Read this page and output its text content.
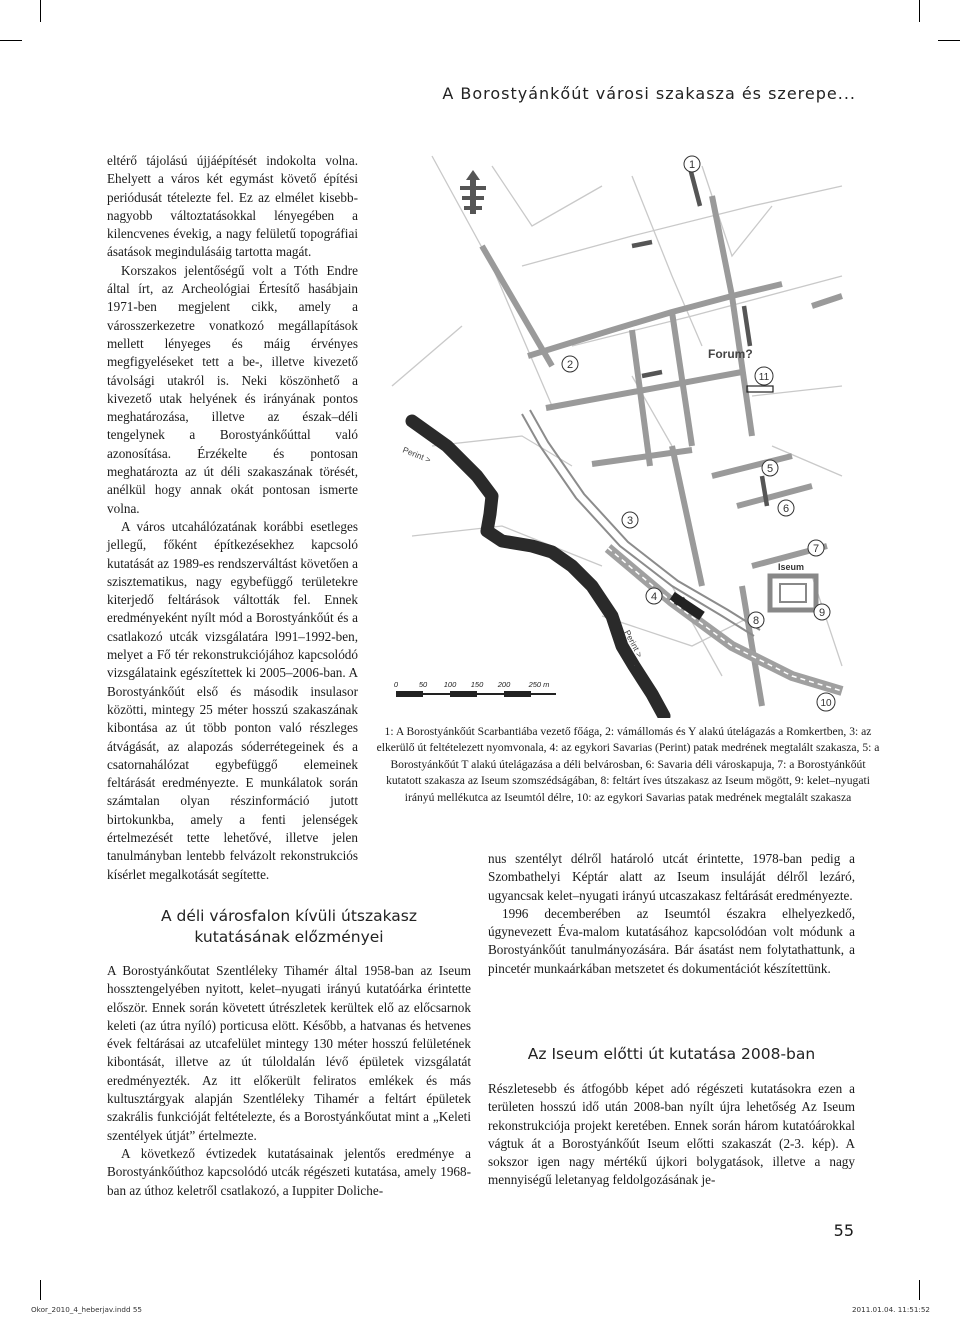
A Borostyánkőút városi szakasza és szerepe...

eltérő tájolású újjáépítését indokolta volna. Ehelyett a város két egymást követő építési periódusát tételezte fel. Ez az elmélet kisebb-nagyobb változtatásokkal lényegében a kilencvenes évekig, a nagy felületű topográfiai ásatások megindulásáig tartotta magát.

Korszakos jelentőségű volt a Tóth Endre által írt, az Archeológiai Értesítő hasábjain 1971-ben megjelent cikk, amely a városszerkezetre vonatkozó megállapítások mellett lényeges és máig érvényes megfigyeléseket tett a be-, illetve kivezető távolsági utakról is. Neki köszönhető a kivezető utak helyének és irányának pontos meghatározása, illetve az észak–déli tengelynek a Borostyánkőúttal való azonosítása. Érzékelte és pontosan meghatározta az út déli szakaszának törését, anélkül hogy annak okát pontosan ismerte volna.

A város utcahálózatának korábbi esetleges jellegű, főként építkezésekhez kapcsoló kutatását az 1989-es rendszerváltást követően a szisztematikus, nagy egybefüggő területekre kiterjedő feltárások váltották fel. Ennek eredményeként nyílt mód a Borostyánkőút és a csatlakozó utcák vizsgálatára l991–1992-ben, melyet a Fő tér rekonstrukciójához kapcsolódó vizsgálataink egészítettek ki 2005–2006-ban. A Borostyánkőút első és második insulasor közötti, mintegy 25 méter hosszú szakaszának kibontása az út több ponton való részleges átvágását, az alapozás sóderrétegeinek és a csatornahálózat egybefüggő elemeinek feltárását eredményezte. E munkálatok során számtalan olyan részinformáció jutott birtokunkba, amely a fenti jelenségek értelmezését tette lehetővé, illetve jelen tanulmányban lentebb felvázolt rekonstrukciós kísérlet megalkotását segítette.

Iseum
Forum?
Perint >
Perint >
1
2
3
4
5
6
7
8
9
10
11
0	50 100 150 200 250 m

1: A Borostyánkőút Scarbantiába vezető főága, 2: vámállomás és Y alakú útelágazás a Romkertben, 3: az elkerülő út feltételezett nyomvonala, 4: az egykori Savarias (Perint) patak medrének megtalált szakasza, 5: a Borostyánkőút T alakú útelágazása a déli belvárosban, 6: Savaria déli városkapuja, 7: a Borostyánkőút kutatott szakasza az Iseum szomszédságában, 8: feltárt íves útszakasz az Iseum mögött, 9: kelet–nyugati irányú mellékutca az Iseumtól délre, 10: az egykori Savarias patak medrének megtalált szakasza

A déli városfalon kívüli útszakasz
kutatásának előzményei

A Borostyánkőutat Szentléleky Tihamér által 1958-ban az Iseum hossztengelyében nyitott, kelet–nyugati irányú kutatóárka érintette először. Ennek során követett útrészletek kerültek elő az előcsarnok keleti (az útra nyíló) porticusa elött. Később, a hatvanas és hetvenes évek feltárásai az utcafelület mintegy 130 méter hosszú felületének kibontását, illetve az út túloldalán lévő épületek vizsgálatát eredményezték. Az itt előkerült feliratos emlékek és más kultusztárgyak alapján Szentléleky Tihamér a feltárt épületek szakrális funkcióját feltételezte, és a Borostyánkőutat mint a „Keleti szentélyek útját” értelmezte.

A következő évtizedek kutatásainak jelentős eredménye a Borostyánkőúthoz kapcsolódó utcák régészeti kutatása, amely 1968-ban az úthoz keletről csatlakozó, a Iuppiter Doliche-

nus szentélyt délről határoló utcát érintette, 1978-ban pedig a Szombathelyi Képtár alatt az Iseum insuláját délről lezáró, ugyancsak kelet–nyugati irányú utcaszakasz feltárását eredményezte.

1996 decemberében az Iseumtól északra elhelyezkedő, úgynevezett Éva-malom kutatásához kapcsolódóan volt módunk a Borostyánkőút tanulmányozására. Bár ásatást nem folytathattunk, a pincetér munkaárkában metszetet és dokumentációt készítettünk.

Az Iseum előtti út kutatása 2008-ban

Részletesebb és átfogóbb képet adó régészeti kutatásokra ezen a területen hosszú idő után 2008-ban nyílt újra lehetőség Az Iseum rekonstrukciója projekt keretében. Ennek során három kutatóárokkal vágtuk át a Borostyánkőút Iseum előtti szakaszát (2-3. kép). A sokszor igen nagy mértékű újkori bolygatások, illetve a nagy mennyiségű leletanyag feldolgozásának je-

55
Okor_2010_4_heberjav.indd 55	2011.01.04. 11:51:52
